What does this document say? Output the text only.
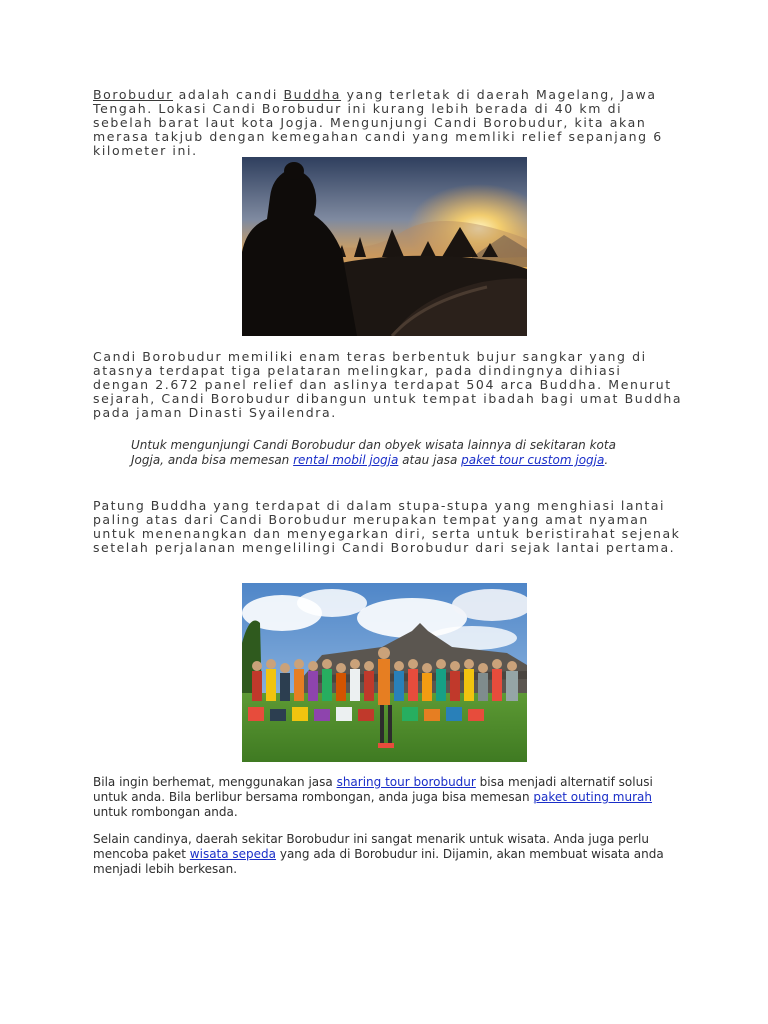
Borobudur adalah candi Buddha yang terletak di daerah Magelang, Jawa Tengah. Lokasi Candi Borobudur ini kurang lebih berada di 40 km di sebelah barat laut kota Jogja. Mengunjungi Candi Borobudur, kita akan merasa takjub dengan kemegahan candi yang memliki relief sepanjang 6 kilometer ini.

Candi Borobudur memiliki enam teras berbentuk bujur sangkar yang di atasnya terdapat tiga pelataran melingkar, pada dindingnya dihiasi dengan 2.672 panel relief dan aslinya terdapat 504 arca Buddha. Menurut sejarah, Candi Borobudur dibangun untuk tempat ibadah bagi umat Buddha pada jaman Dinasti Syailendra.

Untuk mengunjungi Candi Borobudur dan obyek wisata lainnya di sekitaran kota Jogja, anda bisa memesan rental mobil jogja atau jasa paket tour custom jogja.

Patung Buddha yang terdapat di dalam stupa-stupa yang menghiasi lantai paling atas dari Candi Borobudur merupakan tempat yang amat nyaman untuk menenangkan dan menyegarkan diri, serta untuk beristirahat sejenak setelah perjalanan mengelilingi Candi Borobudur dari sejak lantai pertama.

Bila ingin berhemat, menggunakan jasa sharing tour borobudur bisa menjadi alternatif solusi untuk anda. Bila berlibur bersama rombongan, anda juga bisa memesan paket outing murah untuk rombongan anda.

Selain candinya, daerah sekitar Borobudur ini sangat menarik untuk wisata. Anda juga perlu mencoba paket wisata sepeda yang ada di Borobudur ini. Dijamin, akan membuat wisata anda menjadi lebih berkesan.
